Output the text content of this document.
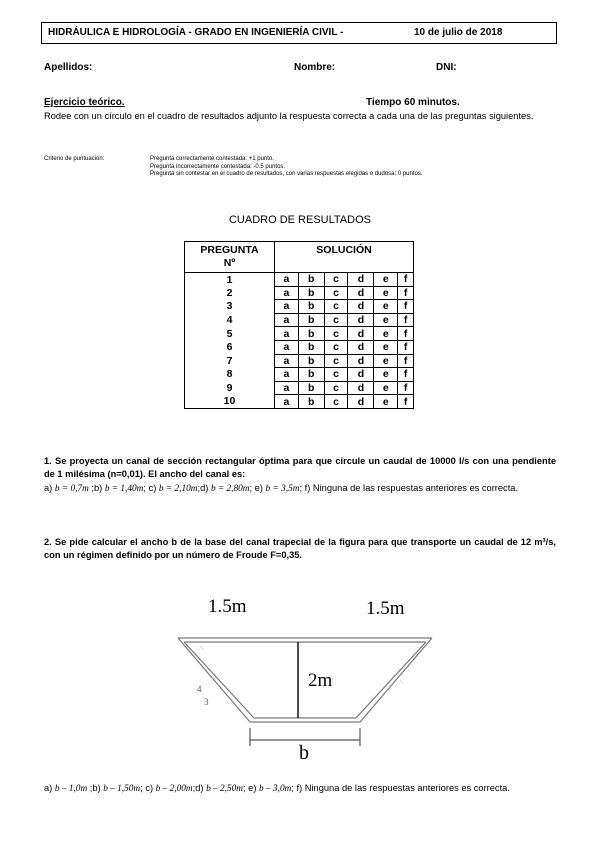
HIDRÁULICA E HIDROLOGÍA - GRADO EN INGENIERÍA CIVIL -	10 de julio de 2018
Apellidos:	Nombre:	DNI:
Ejercicio teórico.	Tiempo 60 minutos.
Rodee con un círculo en el cuadro de resultados adjunto la respuesta correcta a cada una de las preguntas siguientes.
Criterio de puntuación:	Pregunta correctamente contestada: +1 punto.
Pregunta incorrectamente contestada: -0.5 puntos.
Pregunta sin contestar en el cuadro de resultados, con varias respuestas elegidas o dudosa: 0 puntos.
CUADRO DE RESULTADOS
PREGUNTA
Nº	SOLUCIÓN					
1	a	b	c	d	e	f
2	a	b	c	d	e	f
3	a	b	c	d	e	f
4	a	b	c	d	e	f
5	a	b	c	d	e	f
6	a	b	c	d	e	f
7	a	b	c	d	e	f
8	a	b	c	d	e	f
9	a	b	c	d	e	f
10	a	b	c	d	e	f
1. Se proyecta un canal de sección rectangular óptima para que circule un caudal de 10000 l/s con una pendiente de 1 milésima (n=0,01). El ancho del canal es:
a) b = 0,7m ;b) b = 1,40m; c) b = 2,10m;d) b = 2,80m; e) b = 3,5m; f) Ninguna de las respuestas anteriores es correcta.
2. Se pide calcular el ancho b de la base del canal trapecial de la figura para que transporte un caudal de 12 m³/s, con un régimen definido por un número de Froude F=0,35.
1.5m	1.5m
2m
b
4
3
a) b – 1,0m ;b) b – 1,50m; c) b – 2,00m;d) b – 2,50m; e) b – 3,0m; f) Ninguna de las respuestas anteriores es correcta.
